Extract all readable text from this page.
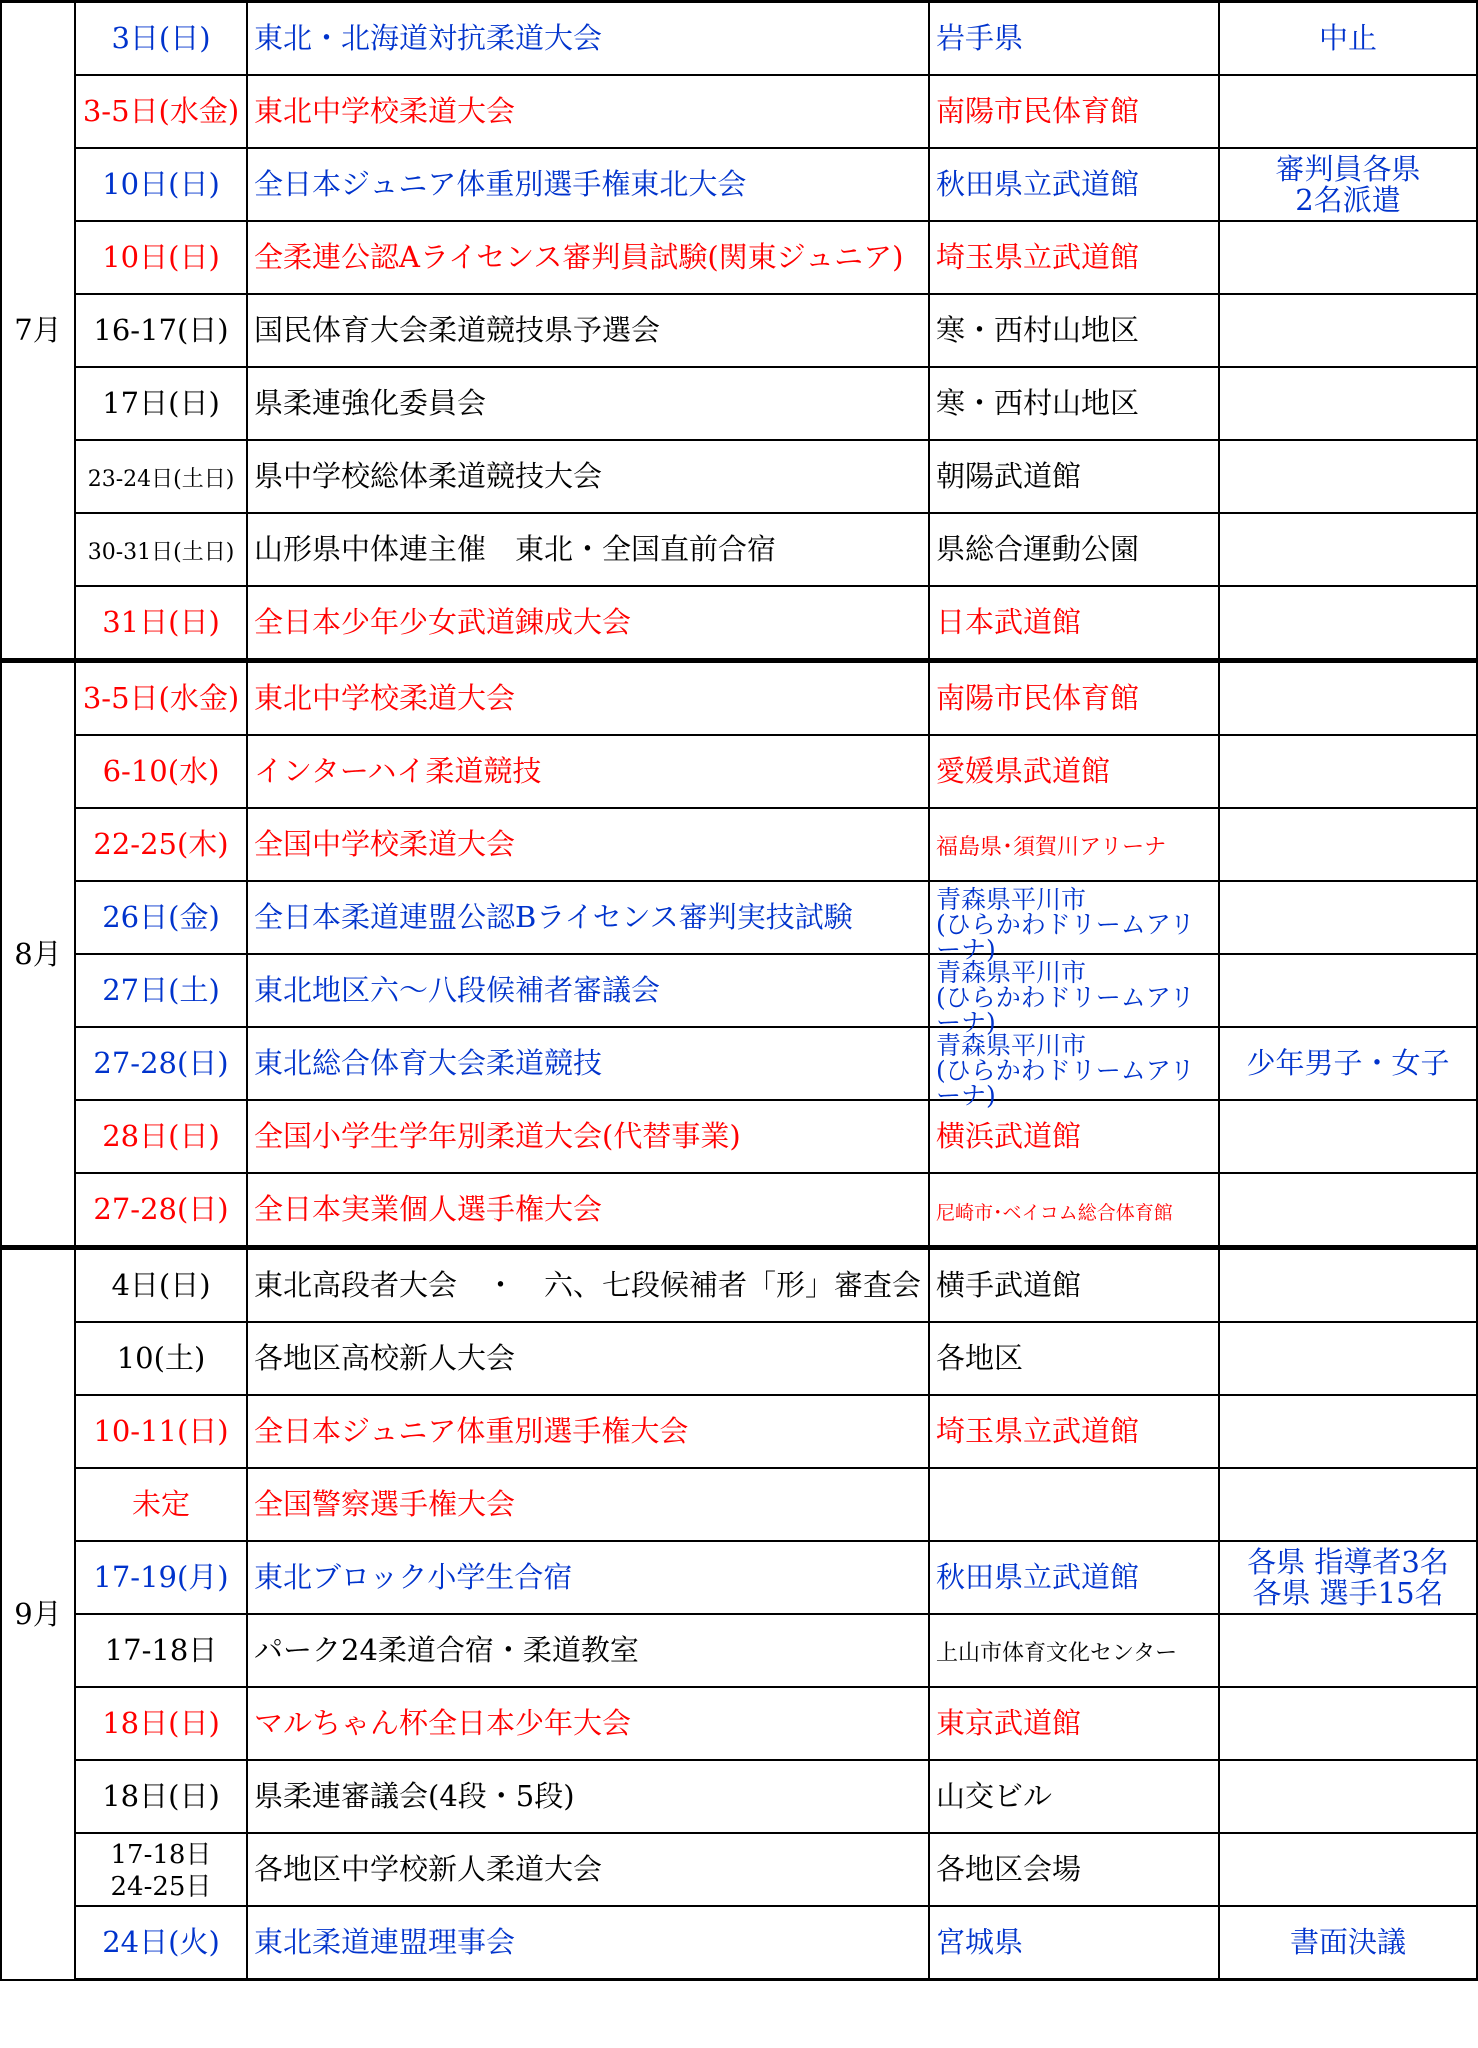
7月	3日(日)	東北・北海道対抗柔道大会	岩手県	中止
	3-5日(水金)	東北中学校柔道大会	南陽市民体育館	
	10日(日)	全日本ジュニア体重別選手権東北大会	秋田県立武道館	審判員各県
2名派遣
	10日(日)	全柔連公認Aライセンス審判員試験(関東ジュニア)	埼玉県立武道館	
	16-17(日)	国民体育大会柔道競技県予選会	寒・西村山地区	
	17日(日)	県柔連強化委員会	寒・西村山地区	
	23-24日(土日)	県中学校総体柔道競技大会	朝陽武道館	
	30-31日(土日)	山形県中体連主催　東北・全国直前合宿	県総合運動公園	
	31日(日)	全日本少年少女武道錬成大会	日本武道館	
8月	3-5日(水金)	東北中学校柔道大会	南陽市民体育館	
	6-10(水)	インターハイ柔道競技	愛媛県武道館	
	22-25(木)	全国中学校柔道大会	福島県･須賀川アリーナ	
	26日(金)	全日本柔道連盟公認Bライセンス審判実技試験	青森県平川市
(ひらかわドリームアリーナ)	

	27日(土)	東北地区六～八段候補者審議会	青森県平川市
(ひらかわドリームアリーナ)	

	27-28(日)	東北総合体育大会柔道競技	青森県平川市
(ひらかわドリームアリーナ)	少年男子・女子
	28日(日)	全国小学生学年別柔道大会(代替事業)	横浜武道館	
	27-28(日)	全日本実業個人選手権大会	尼崎市･ベイコム総合体育館	
9月	4日(日)	東北高段者大会　・　六、七段候補者「形」審査会	横手武道館	
	10(土)	各地区高校新人大会	各地区	
	10-11(日)	全日本ジュニア体重別選手権大会	埼玉県立武道館	
	未定	全国警察選手権大会		
	17-19(月)	東北ブロック小学生合宿	秋田県立武道館	各県 指導者3名
各県 選手15名
	17-18日	パーク24柔道合宿・柔道教室	上山市体育文化センター	
	18日(日)	マルちゃん杯全日本少年大会	東京武道館	
	18日(日)	県柔連審議会(4段・5段)	山交ビル	
	17-18日
24-25日	各地区中学校新人柔道大会	各地区会場	
	24日(火)	東北柔道連盟理事会	宮城県	書面決議
